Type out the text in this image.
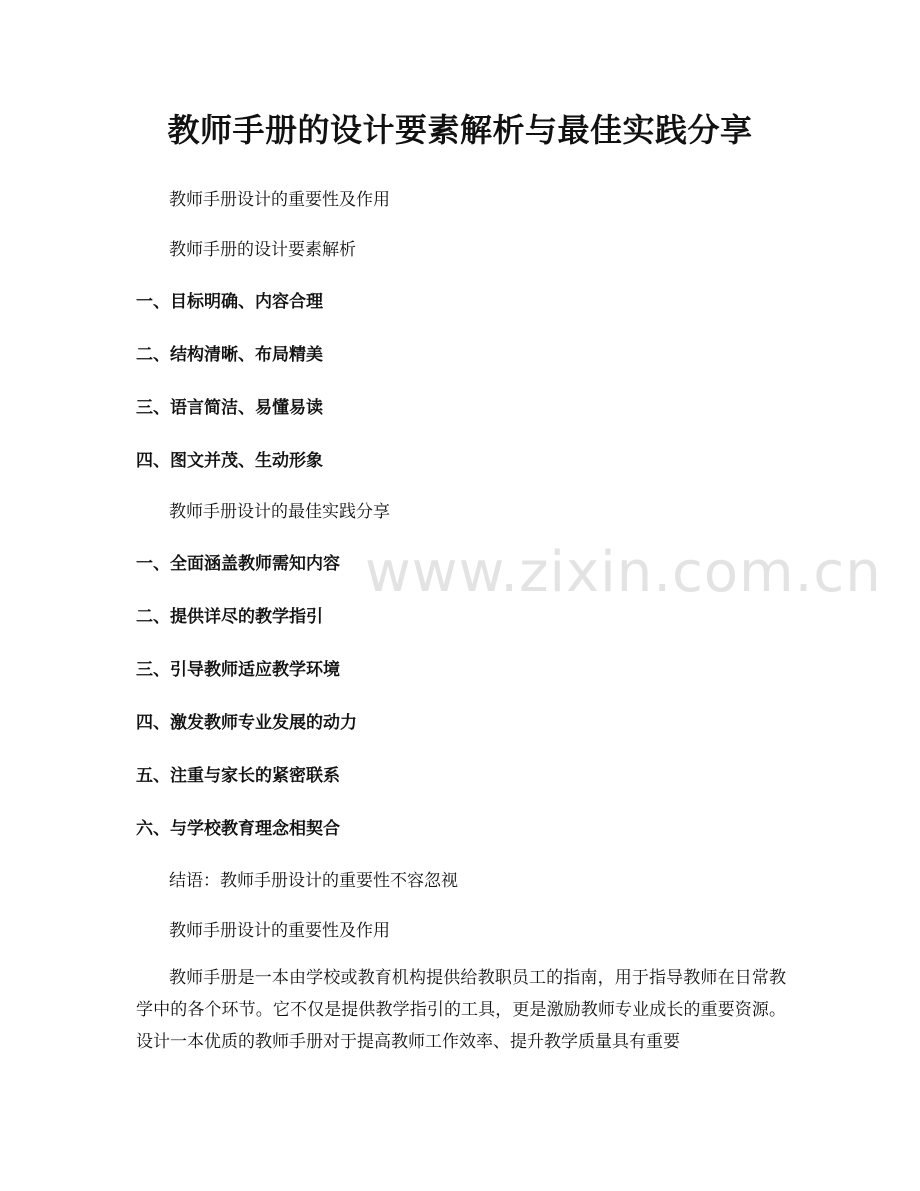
教师手册的设计要素解析与最佳实践分享
教师手册设计的重要性及作用
教师手册的设计要素解析
一、目标明确、内容合理
二、结构清晰、布局精美
三、语言简洁、易懂易读
四、图文并茂、生动形象
教师手册设计的最佳实践分享
一、全面涵盖教师需知内容
二、提供详尽的教学指引
三、引导教师适应教学环境
四、激发教师专业发展的动力
五、注重与家长的紧密联系
六、与学校教育理念相契合
结语：教师手册设计的重要性不容忽视
教师手册设计的重要性及作用
教师手册是一本由学校或教育机构提供给教职员工的指南，用于指导教师在日常教学中的各个环节。它不仅是提供教学指引的工具，更是激励教师专业成长的重要资源。设计一本优质的教师手册对于提高教师工作效率、提升教学质量具有重要
www.zixin.com.cn
